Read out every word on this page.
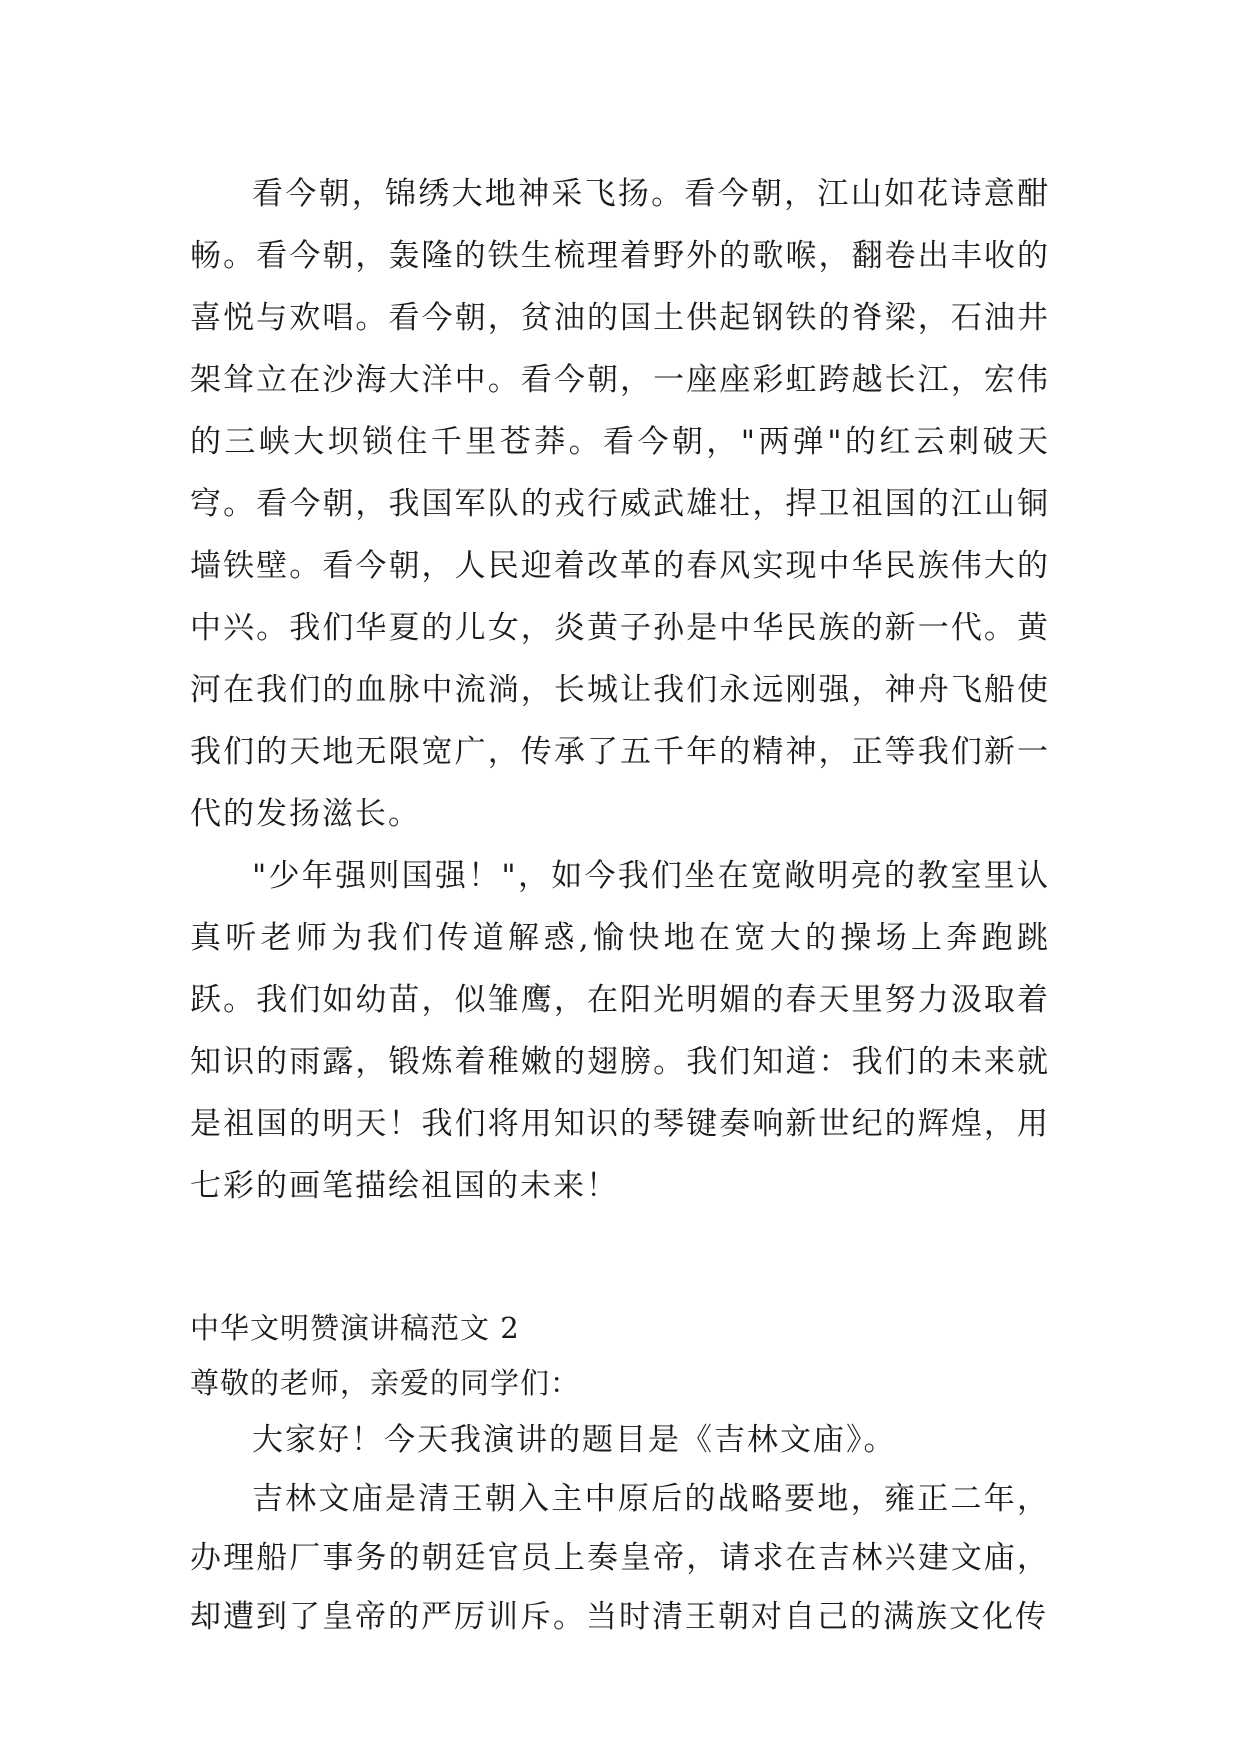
看今朝，锦绣大地神采飞扬。看今朝，江山如花诗意酣畅。看今朝，轰隆的铁生梳理着野外的歌喉，翻卷出丰收的喜悦与欢唱。看今朝，贫油的国土供起钢铁的脊梁，石油井架耸立在沙海大洋中。看今朝，一座座彩虹跨越长江，宏伟的三峡大坝锁住千里苍莽。看今朝，"两弹"的红云刺破天穹。看今朝，我国军队的戎行威武雄壮，捍卫祖国的江山铜墙铁壁。看今朝，人民迎着改革的春风实现中华民族伟大的中兴。我们华夏的儿女，炎黄子孙是中华民族的新一代。黄河在我们的血脉中流淌，长城让我们永远刚强，神舟飞船使我们的天地无限宽广，传承了五千年的精神，正等我们新一代的发扬滋长。

"少年强则国强！"，如今我们坐在宽敞明亮的教室里认真听老师为我们传道解惑,愉快地在宽大的操场上奔跑跳跃。我们如幼苗，似雏鹰，在阳光明媚的春天里努力汲取着知识的雨露，锻炼着稚嫩的翅膀。我们知道：我们的未来就是祖国的明天！我们将用知识的琴键奏响新世纪的辉煌，用七彩的画笔描绘祖国的未来！

中华文明赞演讲稿范文 2

尊敬的老师，亲爱的同学们：

大家好！今天我演讲的题目是《吉林文庙》。

吉林文庙是清王朝入主中原后的战略要地，雍正二年，办理船厂事务的朝廷官员上奏皇帝，请求在吉林兴建文庙，却遭到了皇帝的严厉训斥。当时清王朝对自己的满族文化传
